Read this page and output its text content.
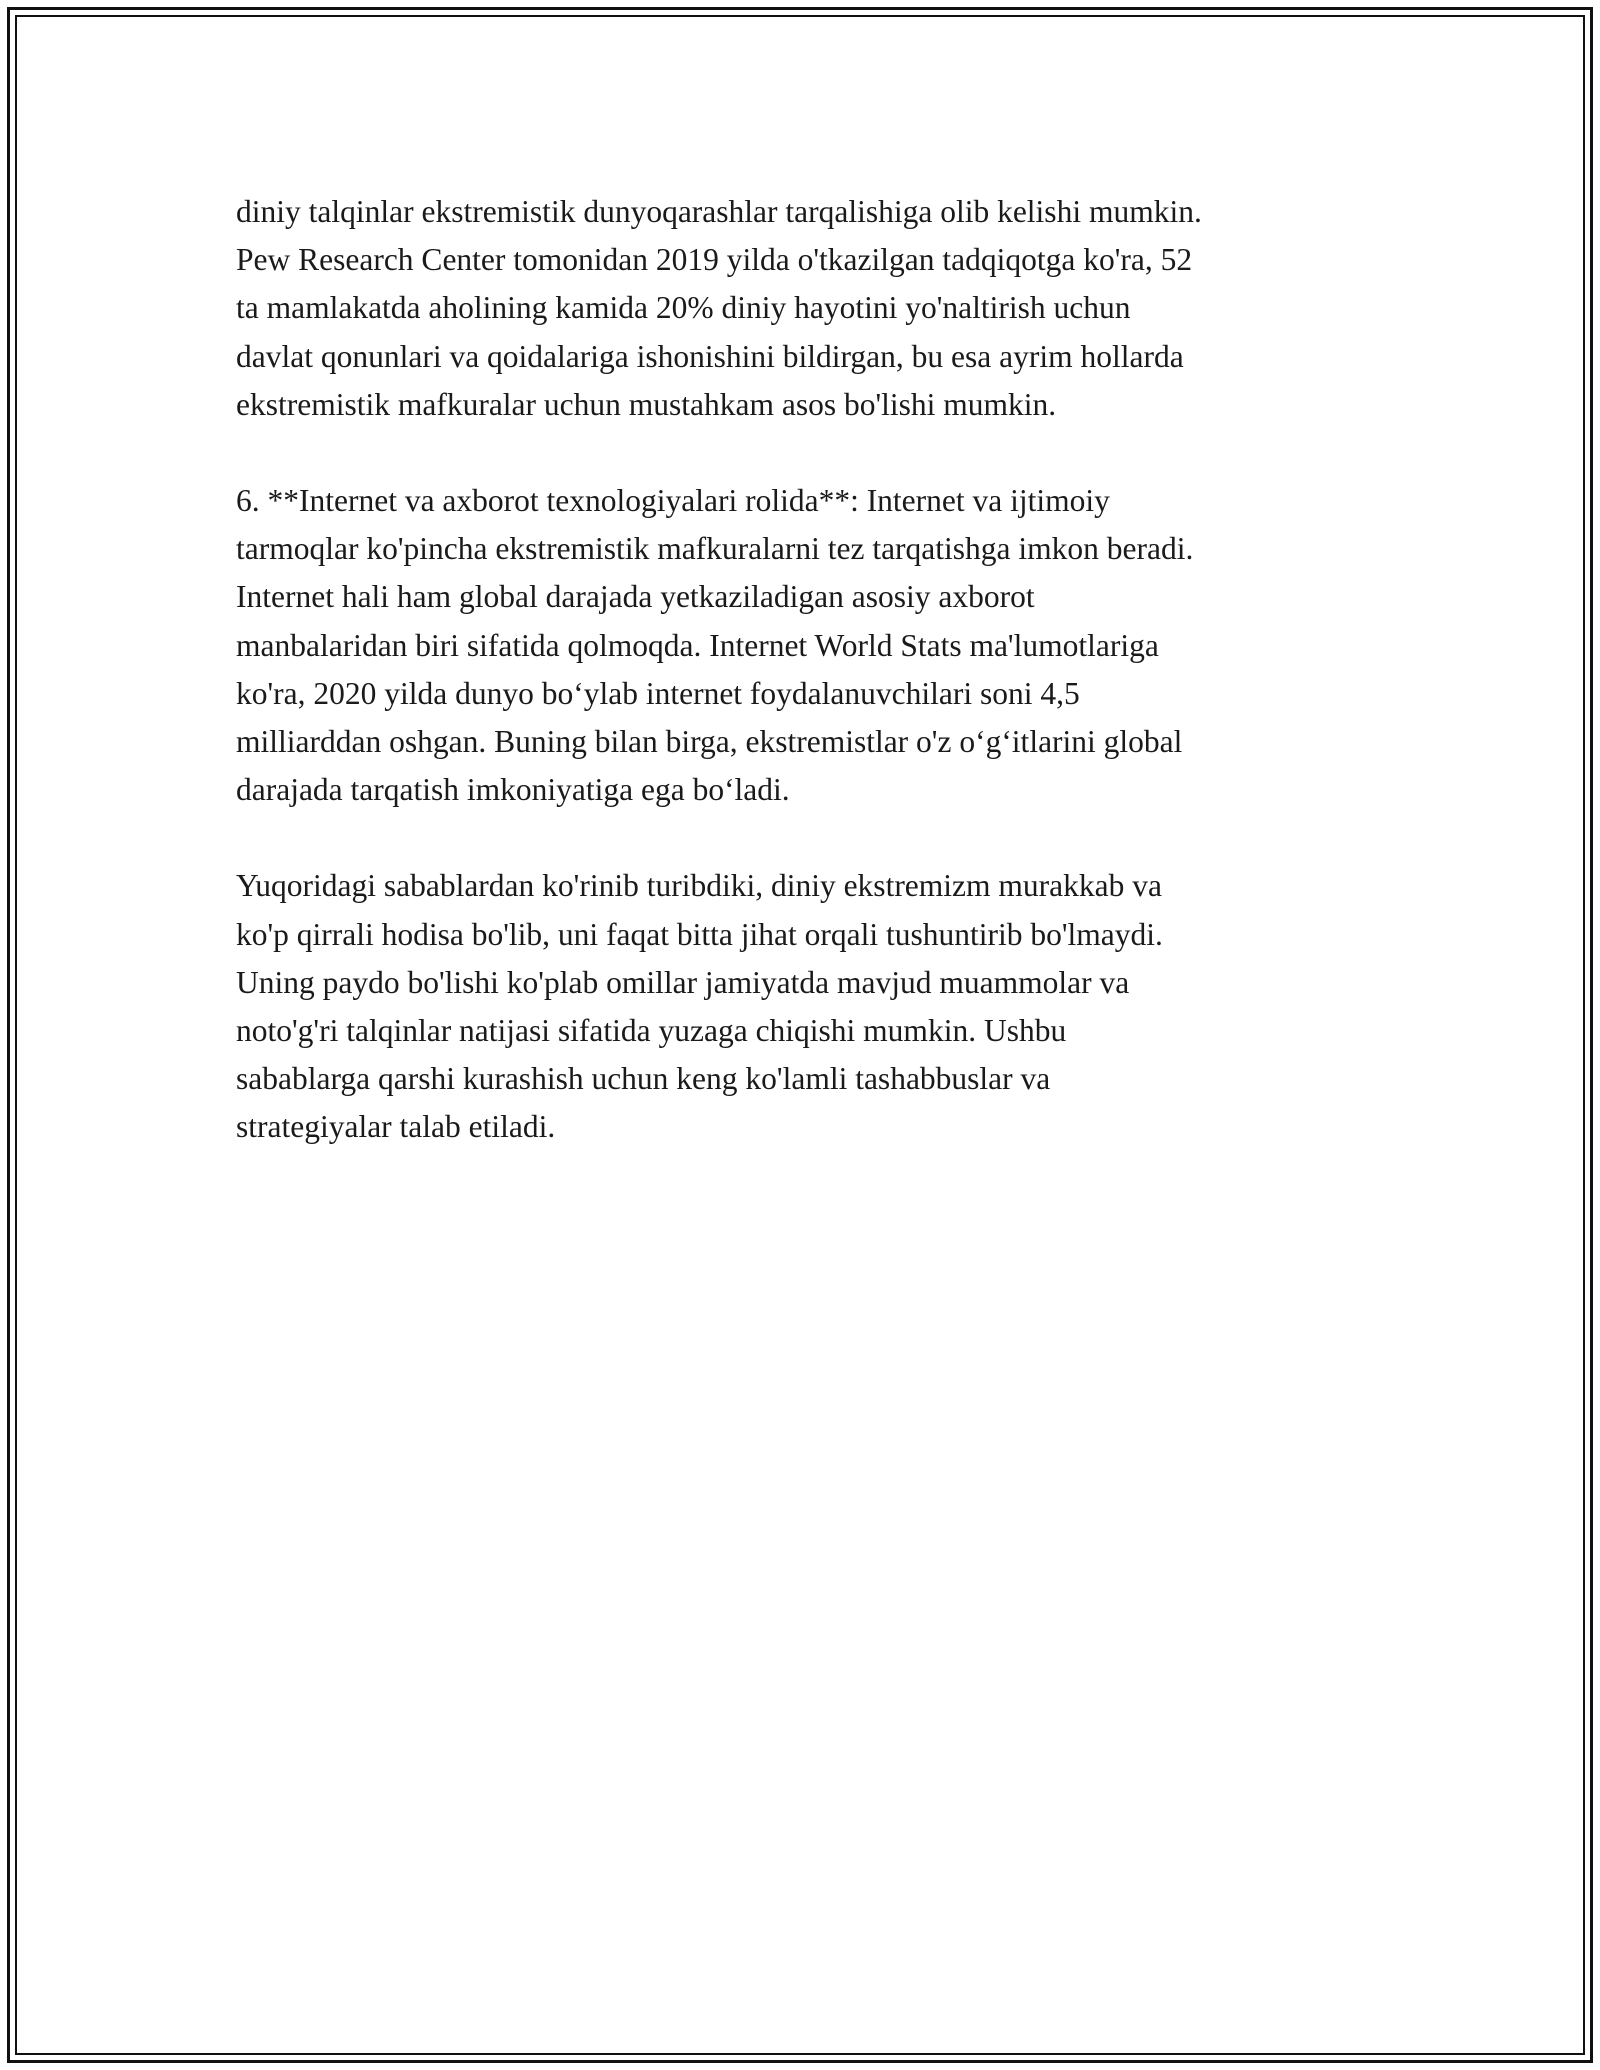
diniy talqinlar ekstremistik dunyoqarashlar tarqalishiga olib kelishi mumkin.
Pew Research Center tomonidan 2019 yilda o'tkazilgan tadqiqotga ko'ra, 52
ta mamlakatda aholining kamida 20% diniy hayotini yo'naltirish uchun
davlat qonunlari va qoidalariga ishonishini bildirgan, bu esa ayrim hollarda
ekstremistik mafkuralar uchun mustahkam asos bo'lishi mumkin.

6. **Internet va axborot texnologiyalari rolida**: Internet va ijtimoiy
tarmoqlar ko'pincha ekstremistik mafkuralarni tez tarqatishga imkon beradi.
Internet hali ham global darajada yetkaziladigan asosiy axborot
manbalaridan biri sifatida qolmoqda. Internet World Stats ma'lumotlariga
ko'ra, 2020 yilda dunyo bo‘ylab internet foydalanuvchilari soni 4,5
milliarddan oshgan. Buning bilan birga, ekstremistlar o'z o‘g‘itlarini global
darajada tarqatish imkoniyatiga ega bo‘ladi.

Yuqoridagi sabablardan ko'rinib turibdiki, diniy ekstremizm murakkab va
ko'p qirrali hodisa bo'lib, uni faqat bitta jihat orqali tushuntirib bo'lmaydi.
Uning paydo bo'lishi ko'plab omillar jamiyatda mavjud muammolar va
noto'g'ri talqinlar natijasi sifatida yuzaga chiqishi mumkin. Ushbu
sabablarga qarshi kurashish uchun keng ko'lamli tashabbuslar va
strategiyalar talab etiladi.
